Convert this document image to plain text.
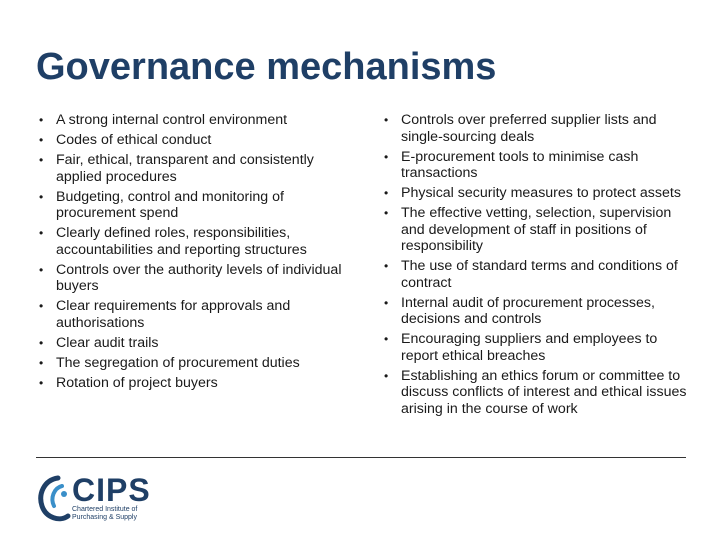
Governance mechanisms
• A strong internal control environment
• Codes of ethical conduct
• Fair, ethical, transparent and consistently applied procedures
• Budgeting, control and monitoring of procurement spend
• Clearly defined roles, responsibilities, accountabilities and reporting structures
• Controls over the authority levels of individual buyers
• Clear requirements for approvals and authorisations
• Clear audit trails
• The segregation of procurement duties
• Rotation of project buyers
• Controls over preferred supplier lists and single-sourcing deals
• E-procurement tools to minimise cash transactions
• Physical security measures to protect assets
• The effective vetting, selection, supervision and development of staff in positions of responsibility
• The use of standard terms and conditions of contract
• Internal audit of procurement processes, decisions and controls
• Encouraging suppliers and employees to report ethical breaches
• Establishing an ethics forum or committee to discuss conflicts of interest and ethical issues arising in the course of work
CIPS
Chartered Institute of Purchasing & Supply
